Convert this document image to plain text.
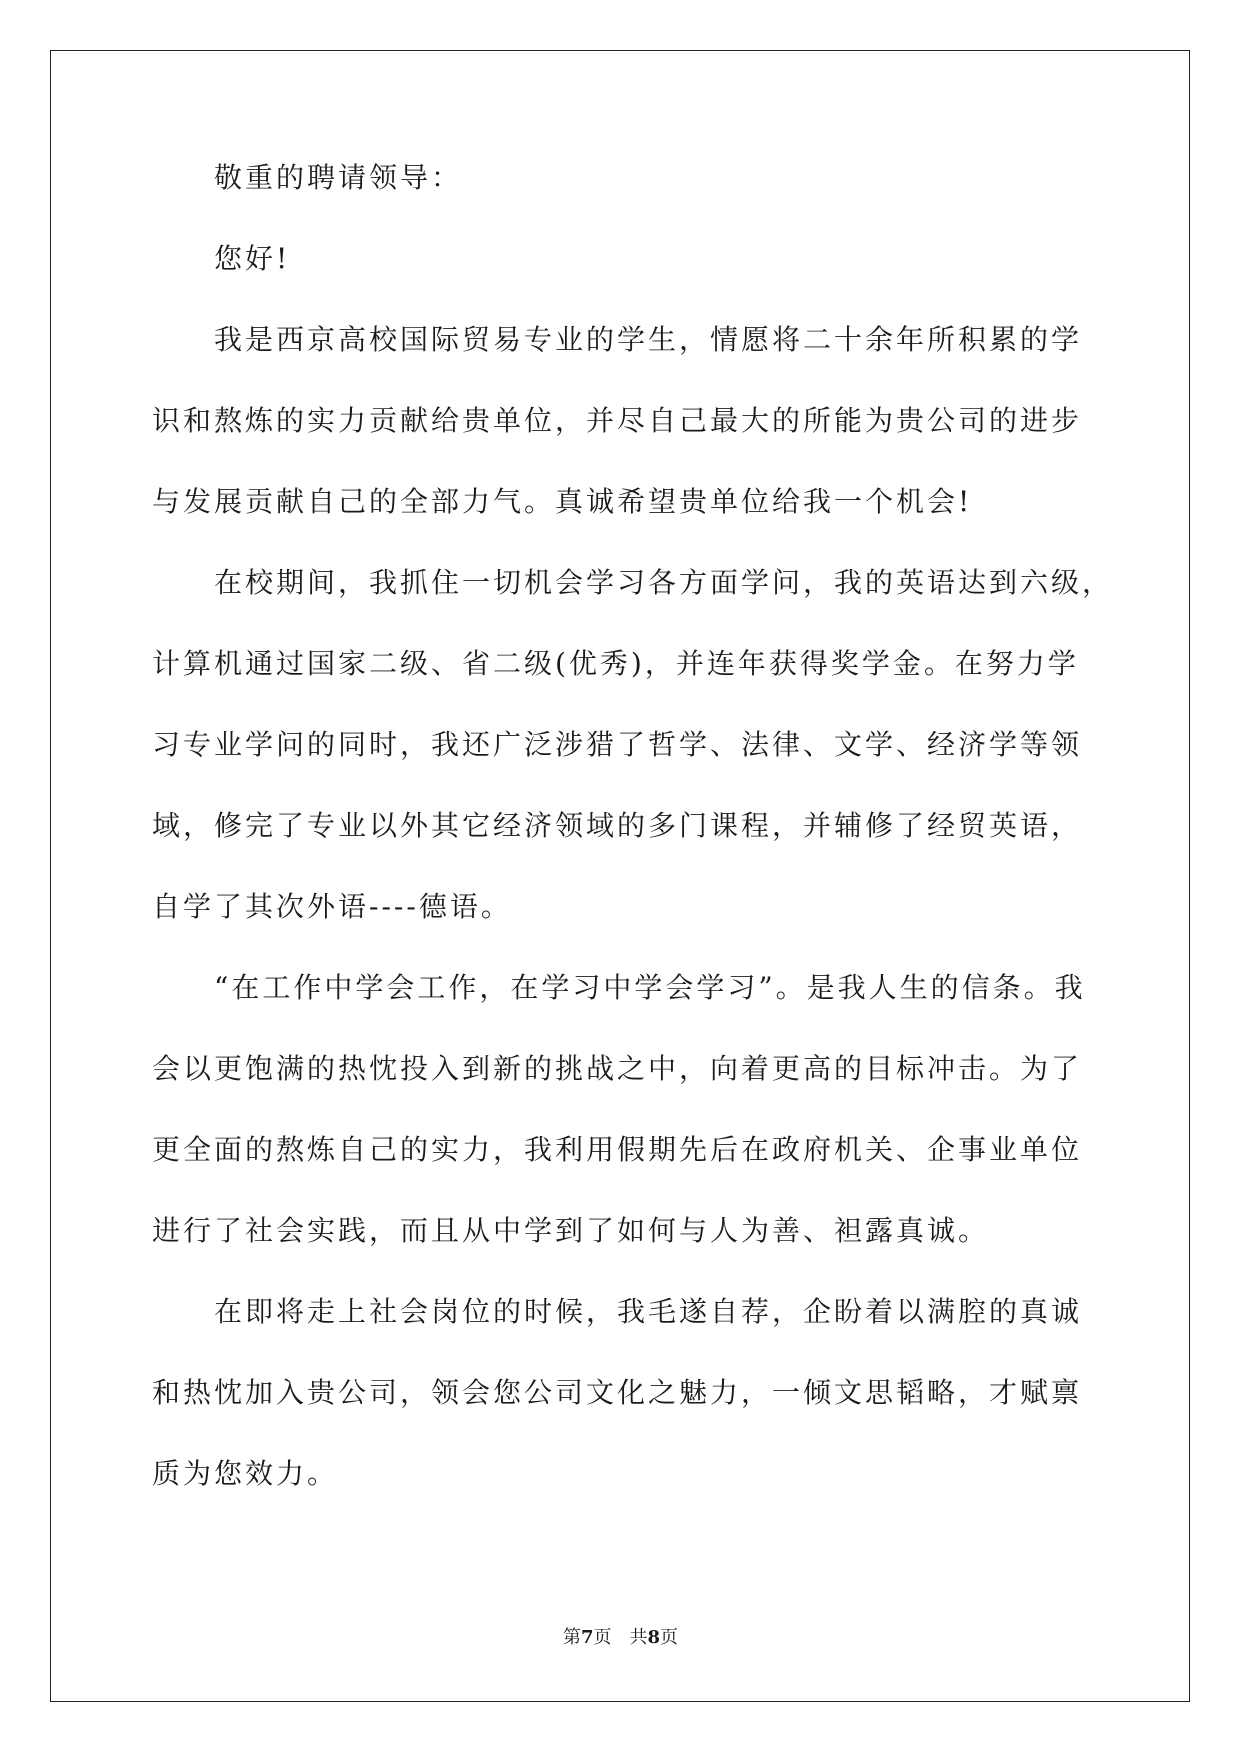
敬重的聘请领导：
您好!
我是西京高校国际贸易专业的学生，情愿将二十余年所积累的学
识和熬炼的实力贡献给贵单位，并尽自己最大的所能为贵公司的进步
与发展贡献自己的全部力气。真诚希望贵单位给我一个机会!
在校期间，我抓住一切机会学习各方面学问，我的英语达到六级，
计算机通过国家二级、省二级(优秀)，并连年获得奖学金。在努力学
习专业学问的同时，我还广泛涉猎了哲学、法律、文学、经济学等领
域，修完了专业以外其它经济领域的多门课程，并辅修了经贸英语，
自学了其次外语----德语。
“在工作中学会工作，在学习中学会学习”。是我人生的信条。我
会以更饱满的热忱投入到新的挑战之中，向着更高的目标冲击。为了
更全面的熬炼自己的实力，我利用假期先后在政府机关、企事业单位
进行了社会实践，而且从中学到了如何与人为善、袒露真诚。
在即将走上社会岗位的时候，我毛遂自荐，企盼着以满腔的真诚
和热忱加入贵公司，领会您公司文化之魅力，一倾文思韬略，才赋禀
质为您效力。
第7页 共8页
